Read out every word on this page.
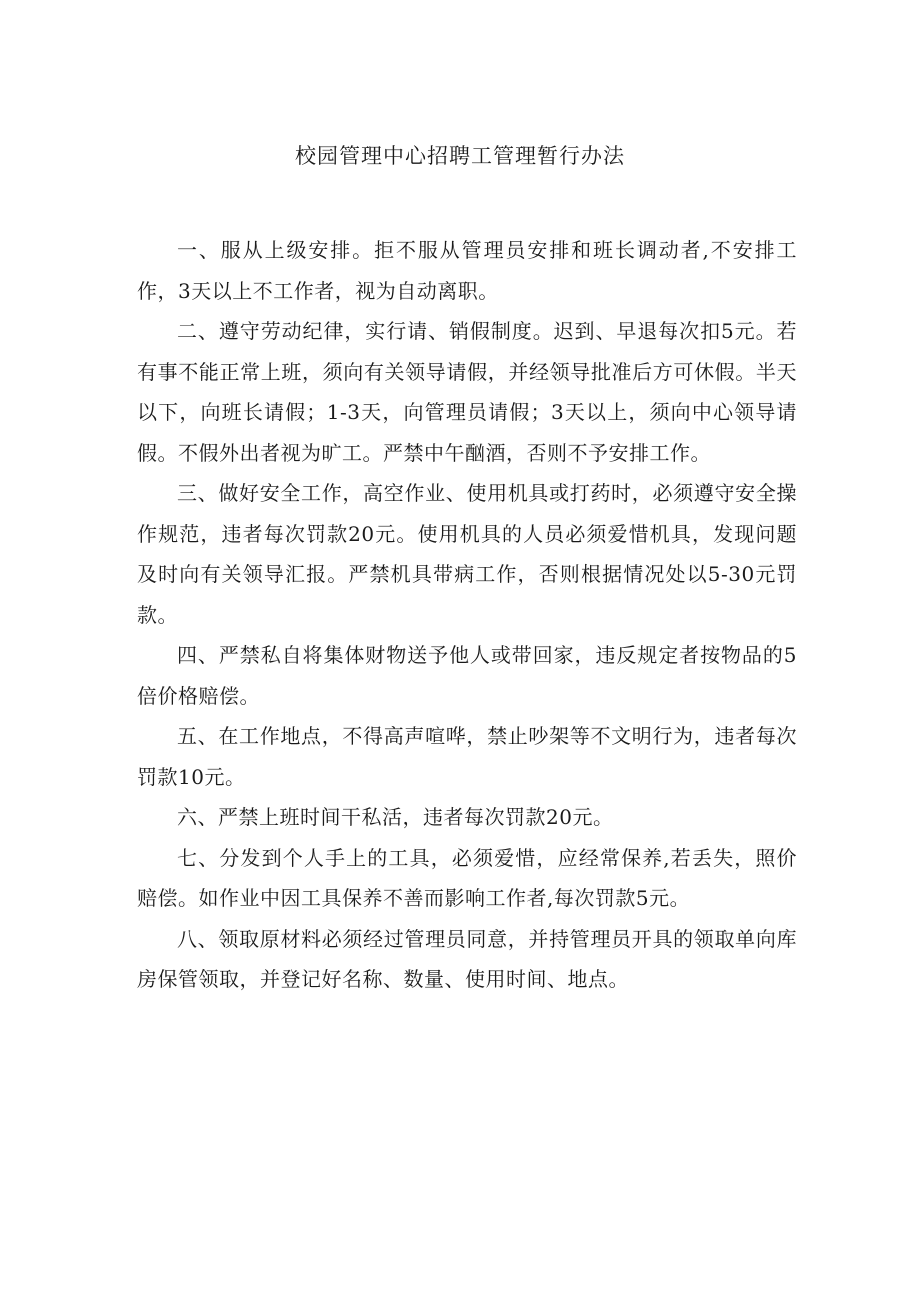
校园管理中心招聘工管理暂行办法

一、服从上级安排。拒不服从管理员安排和班长调动者,不安排工作，3天以上不工作者，视为自动离职。

二、遵守劳动纪律，实行请、销假制度。迟到、早退每次扣5元。若有事不能正常上班，须向有关领导请假，并经领导批准后方可休假。半天以下，向班长请假；1-3天，向管理员请假；3天以上，须向中心领导请假。不假外出者视为旷工。严禁中午酗酒，否则不予安排工作。

三、做好安全工作，高空作业、使用机具或打药时，必须遵守安全操作规范，违者每次罚款20元。使用机具的人员必须爱惜机具，发现问题及时向有关领导汇报。严禁机具带病工作，否则根据情况处以5-30元罚款。

四、严禁私自将集体财物送予他人或带回家，违反规定者按物品的5倍价格赔偿。

五、在工作地点，不得高声喧哗，禁止吵架等不文明行为，违者每次罚款10元。

六、严禁上班时间干私活，违者每次罚款20元。

七、分发到个人手上的工具，必须爱惜，应经常保养,若丢失，照价赔偿。如作业中因工具保养不善而影响工作者,每次罚款5元。

八、领取原材料必须经过管理员同意，并持管理员开具的领取单向库房保管领取，并登记好名称、数量、使用时间、地点。
